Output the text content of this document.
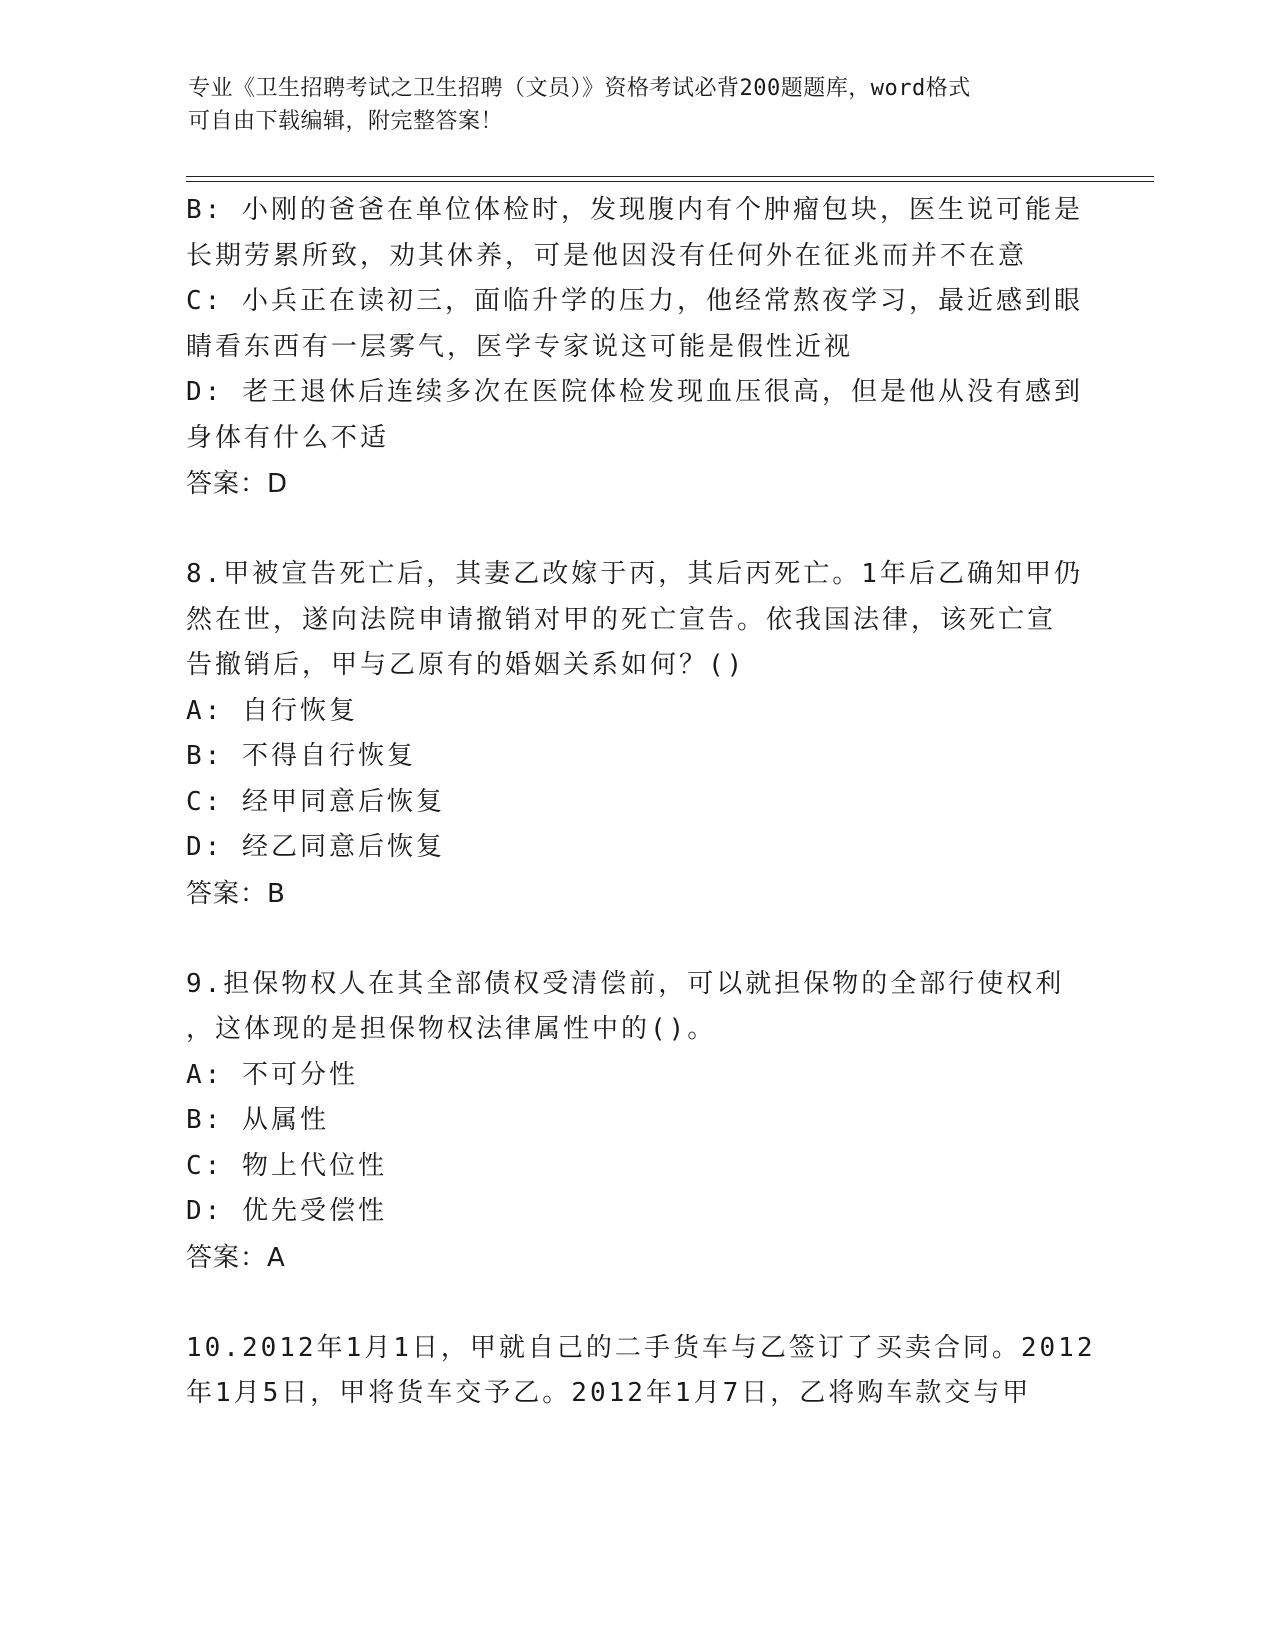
专业《卫生招聘考试之卫生招聘（文员）》资格考试必背200题题库，word格式
可自由下载编辑，附完整答案！
B: 小刚的爸爸在单位体检时，发现腹内有个肿瘤包块，医生说可能是
长期劳累所致，劝其休养，可是他因没有任何外在征兆而并不在意
C: 小兵正在读初三，面临升学的压力，他经常熬夜学习，最近感到眼
睛看东西有一层雾气，医学专家说这可能是假性近视
D: 老王退休后连续多次在医院体检发现血压很高，但是他从没有感到
身体有什么不适
答案：D
8.甲被宣告死亡后，其妻乙改嫁于丙，其后丙死亡。1年后乙确知甲仍
然在世，遂向法院申请撤销对甲的死亡宣告。依我国法律，该死亡宣
告撤销后，甲与乙原有的婚姻关系如何？()
A: 自行恢复
B: 不得自行恢复
C: 经甲同意后恢复
D: 经乙同意后恢复
答案：B
9.担保物权人在其全部债权受清偿前，可以就担保物的全部行使权利
，这体现的是担保物权法律属性中的()。
A: 不可分性
B: 从属性
C: 物上代位性
D: 优先受偿性
答案：A
10.2012年1月1日，甲就自己的二手货车与乙签订了买卖合同。2012
年1月5日，甲将货车交予乙。2012年1月7日，乙将购车款交与甲
